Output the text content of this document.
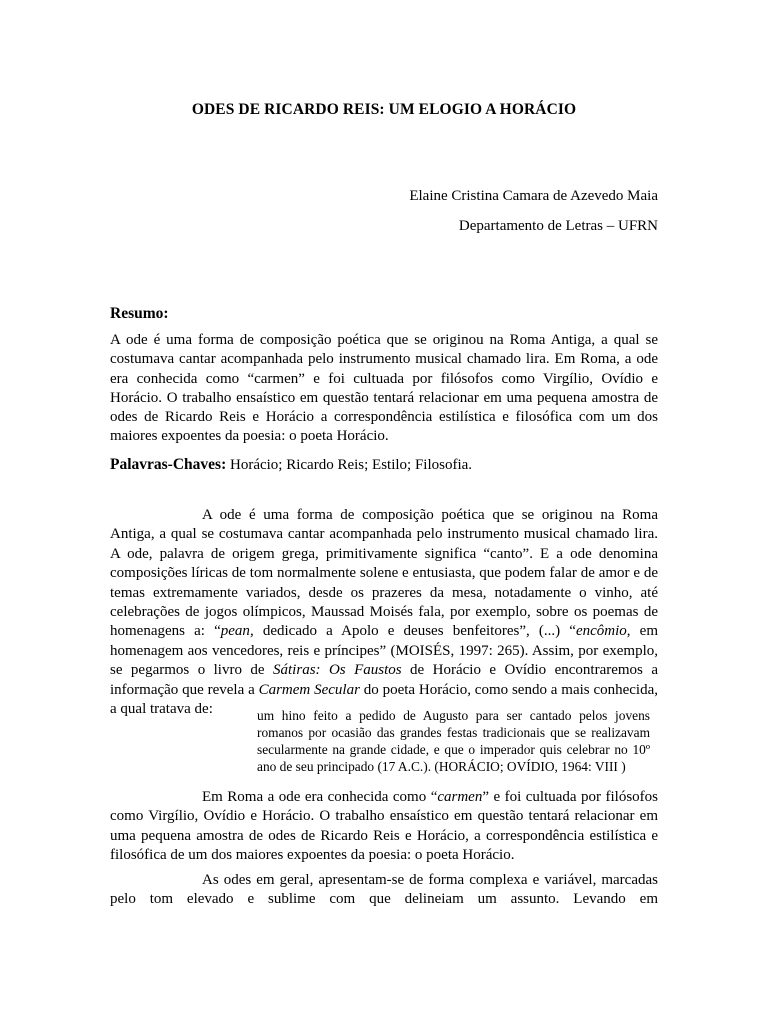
ODES DE RICARDO REIS: UM ELOGIO A HORÁCIO
Elaine Cristina Camara de Azevedo Maia
Departamento de Letras – UFRN
Resumo:

A ode é uma forma de composição poética que se originou na Roma Antiga, a qual se costumava cantar acompanhada pelo instrumento musical chamado lira. Em Roma, a ode era conhecida como “carmen” e foi cultuada por filósofos como Virgílio, Ovídio e Horácio. O trabalho ensaístico em questão tentará relacionar em uma pequena amostra de odes de Ricardo Reis e Horácio a correspondência estilística e filosófica com um dos maiores expoentes da poesia: o poeta Horácio.

Palavras-Chaves: Horácio; Ricardo Reis; Estilo; Filosofia.

A ode é uma forma de composição poética que se originou na Roma Antiga, a qual se costumava cantar acompanhada pelo instrumento musical chamado lira. A ode, palavra de origem grega, primitivamente significa “canto”. E a ode denomina composições líricas de tom normalmente solene e entusiasta, que podem falar de amor e de temas extremamente variados, desde os prazeres da mesa, notadamente o vinho, até celebrações de jogos olímpicos, Maussad Moisés fala, por exemplo, sobre os poemas de homenagens a: “pean, dedicado a Apolo e deuses benfeitores”, (...) “encômio, em homenagem aos vencedores, reis e príncipes” (MOISÉS, 1997: 265). Assim, por exemplo, se pegarmos o livro de Sátiras: Os Faustos de Horácio e Ovídio encontraremos a informação que revela a Carmem Secular do poeta Horácio, como sendo a mais conhecida, a qual tratava de:	um hino feito a pedido de Augusto para ser cantado pelos jovens romanos por ocasião das grandes festas tradicionais que se realizavam secularmente na grande cidade, e que o imperador quis celebrar no 10º ano de seu principado (17 A.C.). (HORÁCIO; OVÍDIO, 1964: VIII )

Em Roma a ode era conhecida como “carmen” e foi cultuada por filósofos como Virgílio, Ovídio e Horácio. O trabalho ensaístico em questão tentará relacionar em uma pequena amostra de odes de Ricardo Reis e Horácio, a correspondência estilística e filosófica de um dos maiores expoentes da poesia: o poeta Horácio.

As odes em geral, apresentam-se de forma complexa e variável, marcadas pelo tom elevado e sublime com que delineiam um assunto. Levando em
